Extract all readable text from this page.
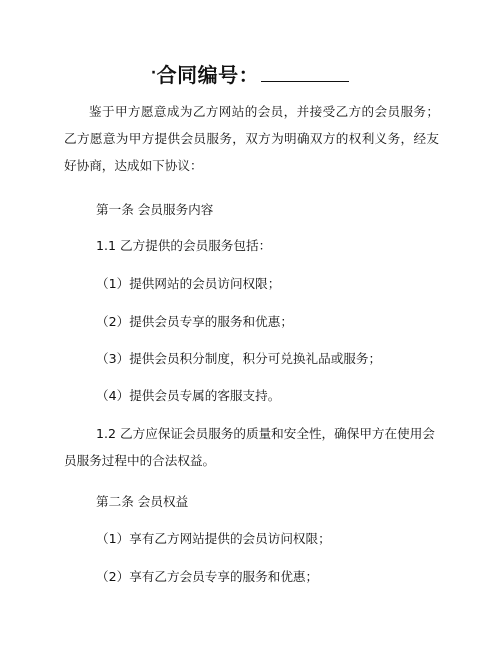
·合同编号：
鉴于甲方愿意成为乙方网站的会员，并接受乙方的会员服务；乙方愿意为甲方提供会员服务，双方为明确双方的权利义务，经友好协商，达成如下协议：
第一条 会员服务内容
1.1 乙方提供的会员服务包括：
（1）提供网站的会员访问权限；
（2）提供会员专享的服务和优惠；
（3）提供会员积分制度，积分可兑换礼品或服务；
（4）提供会员专属的客服支持。
1.2 乙方应保证会员服务的质量和安全性，确保甲方在使用会员服务过程中的合法权益。
第二条 会员权益
（1）享有乙方网站提供的会员访问权限；
（2）享有乙方会员专享的服务和优惠；
